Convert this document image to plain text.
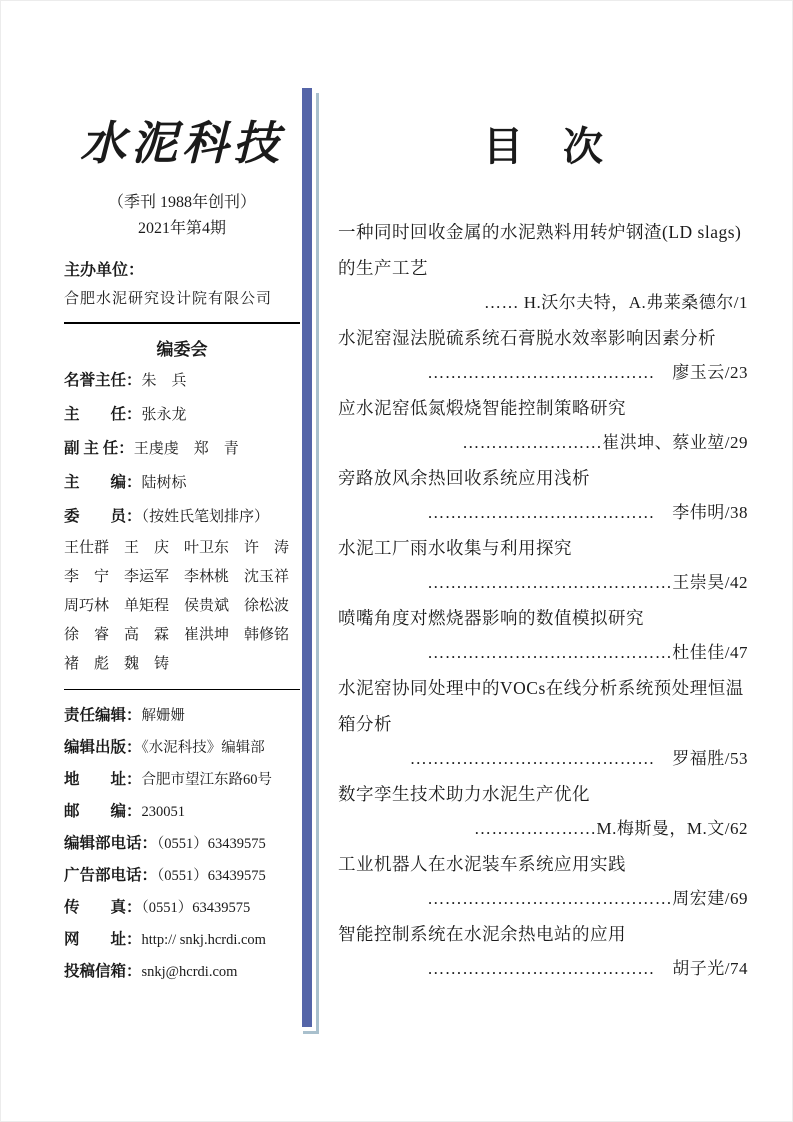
水泥科技
（季刊 1988年创刊）
2021年第4期
主办单位：
合肥水泥研究设计院有限公司
编委会
名誉主任：朱　兵
主　　任：张永龙
副 主 任：王虔虔　郑　青
主　　编：陆树标
委　　员：（按姓氏笔划排序）
王仕群　王　庆　叶卫东　许　涛
李　宁　李运军　李林桃　沈玉祥
周巧林　单矩程　侯贵斌　徐松波
徐　睿　高　霖　崔洪坤　韩修铭
褚　彪　魏　铸
责任编辑：解姗姗
编辑出版：《水泥科技》编辑部
地　　址：合肥市望江东路60号
邮　　编：230051
编辑部电话：（0551）63439575
广告部电话：（0551）63439575
传　　真：（0551）63439575
网　　址：http:// snkj.hcrdi.com
投稿信箱：snkj@hcrdi.com
目　次
一种同时回收金属的水泥熟料用转炉钢渣(LD slags)的生产工艺
…… H.沃尔夫特，A.弗莱桑德尔/1
水泥窑湿法脱硫系统石膏脱水效率影响因素分析
…………………………………　廖玉云/23
应水泥窑低氮煅烧智能控制策略研究
……………………崔洪坤、蔡业堃/29
旁路放风余热回收系统应用浅析
…………………………………　李伟明/38
水泥工厂雨水收集与利用探究
……………………………………王崇昊/42
喷嘴角度对燃烧器影响的数值模拟研究
……………………………………杜佳佳/47
水泥窑协同处理中的VOCs在线分析系统预处理恒温箱分析
……………………………………　罗福胜/53
数字孪生技术助力水泥生产优化
…………………M.梅斯曼，M.文/62
工业机器人在水泥装车系统应用实践
……………………………………周宏建/69
智能控制系统在水泥余热电站的应用
…………………………………　胡子光/74
